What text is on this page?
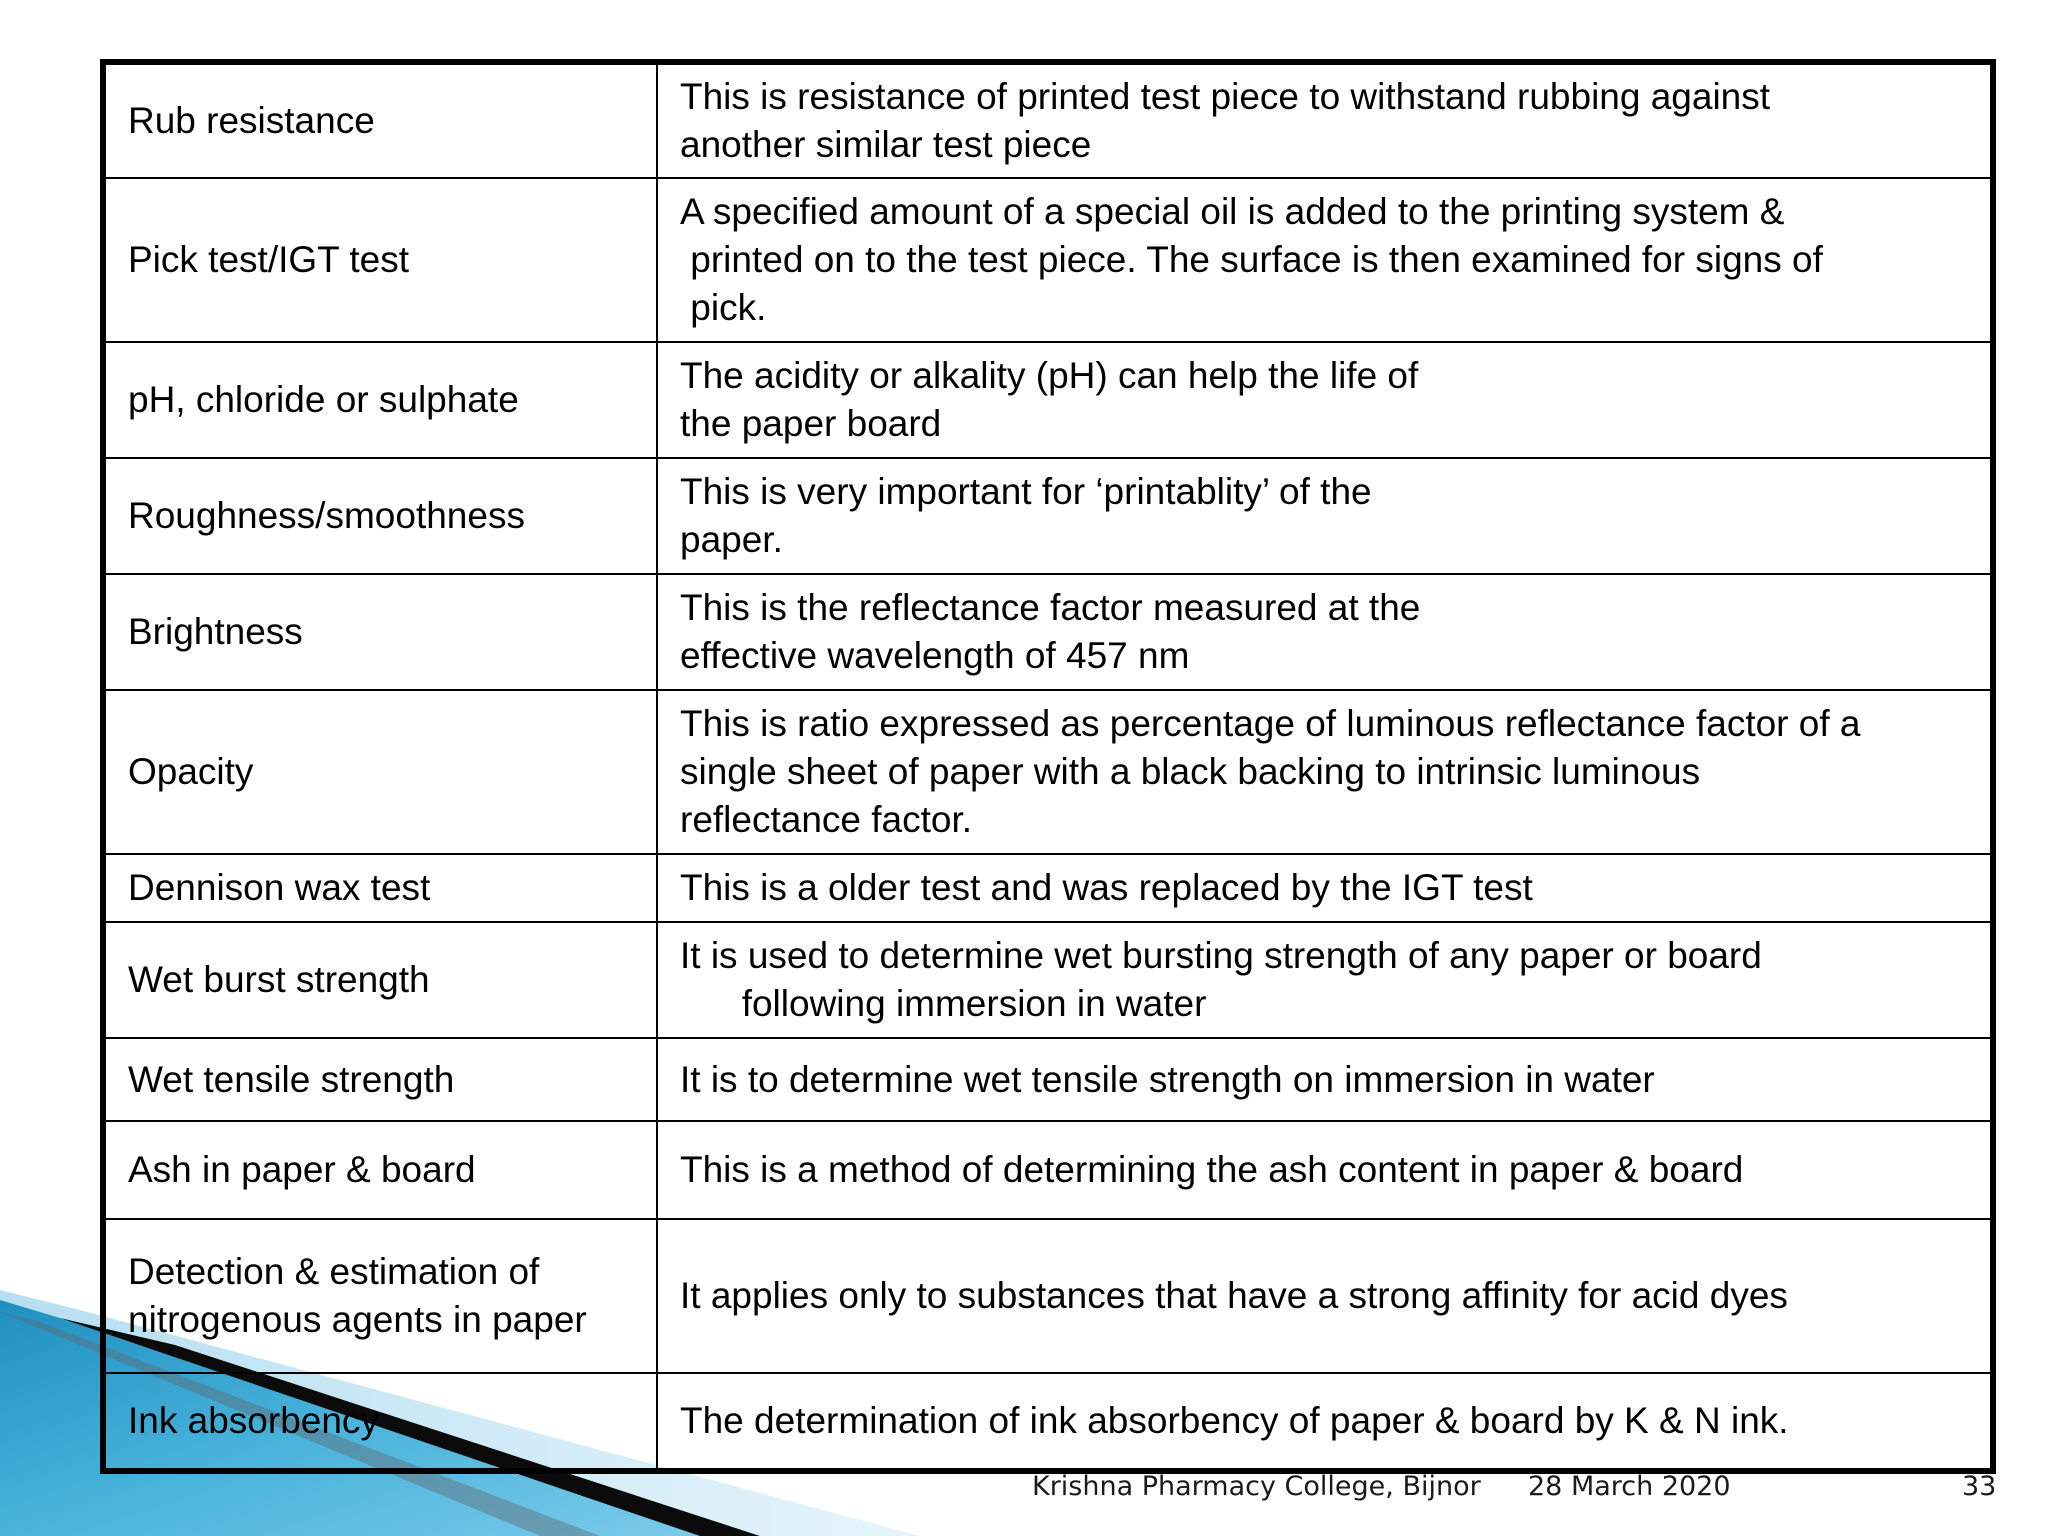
Rub resistance	This is resistance of printed test piece to withstand rubbing against
another similar test piece
Pick test/IGT test	A specified amount of a special oil is added to the printing system &
printed on to the test piece. The surface is then examined for signs of
pick.
pH, chloride or sulphate	The acidity or alkality (pH) can help the life of
the paper board
Roughness/smoothness	This is very important for ‘printablity’ of the
paper.
Brightness	This is the reflectance factor measured at the
effective wavelength of 457 nm
Opacity	This is ratio expressed as percentage of luminous reflectance factor of a
single sheet of paper with a black backing to intrinsic luminous
reflectance factor.
Dennison wax test	This is a older test and was replaced by the IGT test
Wet burst strength	It is used to determine wet bursting strength of any paper or board
following immersion in water
Wet tensile strength	It is to determine wet tensile strength on immersion in water
Ash in paper & board	This is a method of determining the ash content in paper & board
Detection & estimation of
nitrogenous agents in paper	It applies only to substances that have a strong affinity for acid dyes
Ink absorbency	The determination of ink absorbency of paper & board by K & N ink.
Krishna Pharmacy College, Bijnor 28 March 2020	33
